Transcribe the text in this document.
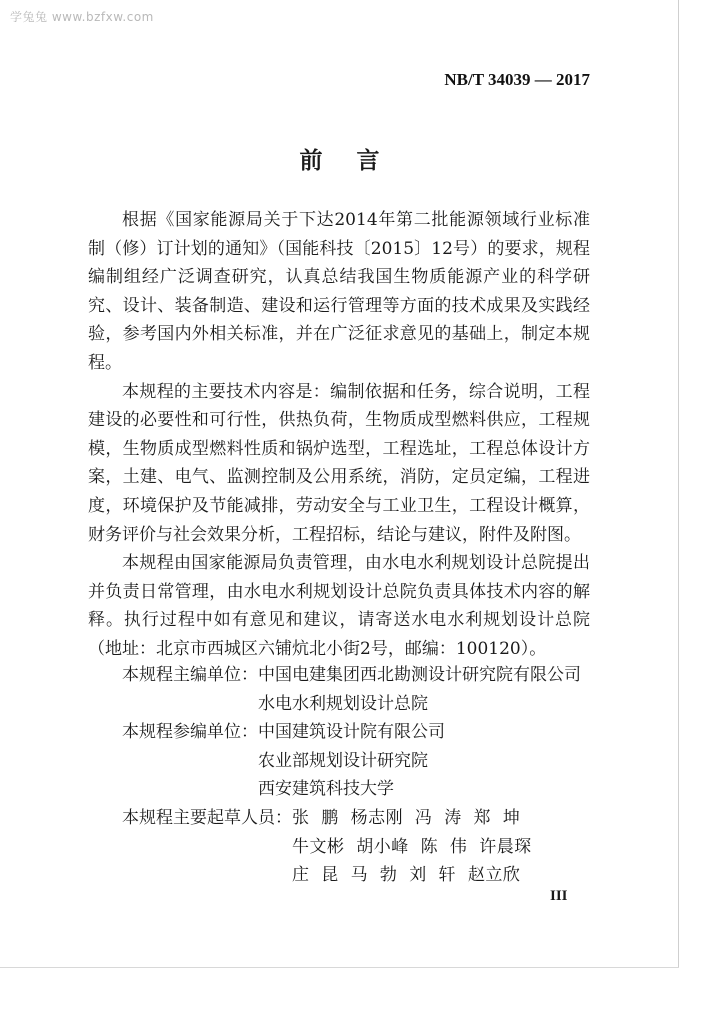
学兔兔 www.bzfxw.com
NB/T 34039 — 2017
前言

根据《国家能源局关于下达2014年第二批能源领域行业标准制（修）订计划的通知》（国能科技〔2015〕12号）的要求，规程编制组经广泛调查研究，认真总结我国生物质能源产业的科学研究、设计、装备制造、建设和运行管理等方面的技术成果及实践经验，参考国内外相关标准，并在广泛征求意见的基础上，制定本规程。

本规程的主要技术内容是：编制依据和任务，综合说明，工程建设的必要性和可行性，供热负荷，生物质成型燃料供应，工程规模，生物质成型燃料性质和锅炉选型，工程选址，工程总体设计方案，土建、电气、监测控制及公用系统，消防，定员定编，工程进度，环境保护及节能减排，劳动安全与工业卫生，工程设计概算，财务评价与社会效果分析，工程招标，结论与建议，附件及附图。

本规程由国家能源局负责管理，由水电水利规划设计总院提出并负责日常管理，由水电水利规划设计总院负责具体技术内容的解释。执行过程中如有意见和建议，请寄送水电水利规划设计总院（地址：北京市西城区六铺炕北小街2号，邮编：100120）。

本规程主编单位： 中国电建集团西北勘测设计研究院有限公司
水电水利规划设计总院
本规程参编单位： 中国建筑设计院有限公司
农业部规划设计研究院
西安建筑科技大学
本规程主要起草人员： 张  鹏  杨志刚  冯  涛  郑  坤
牛文彬  胡小峰  陈  伟  许晨琛
庄  昆  马  勃  刘  轩  赵立欣
III
